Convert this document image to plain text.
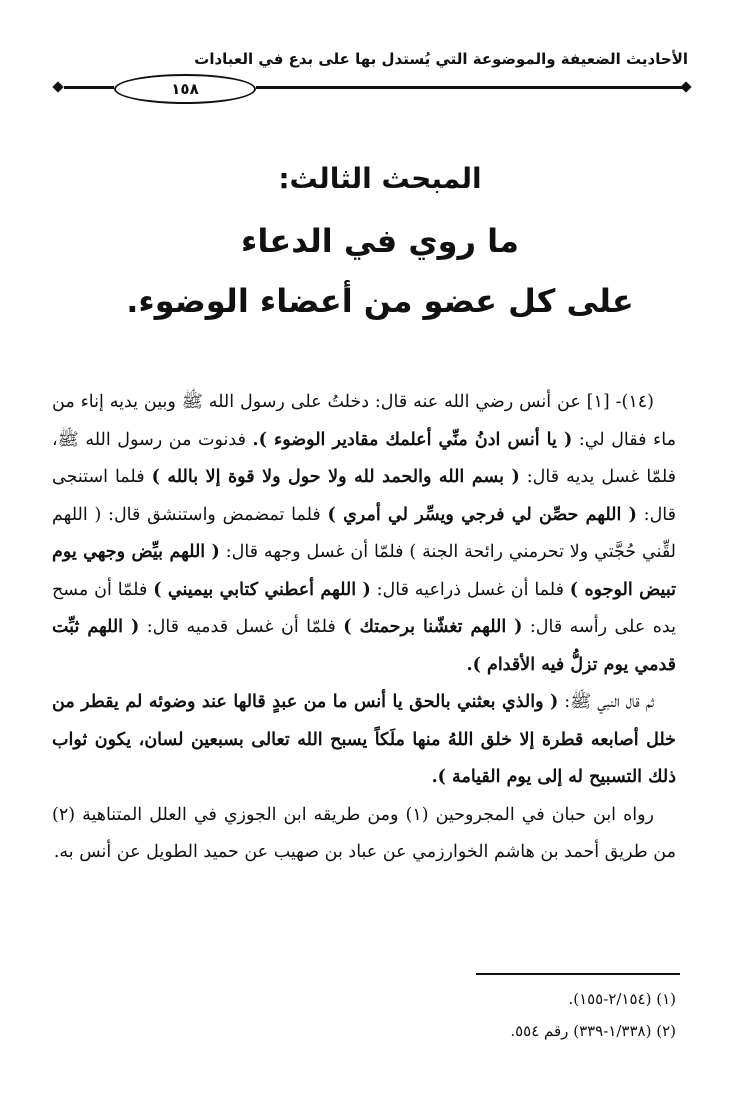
الأحاديث الضعيفة والموضوعة التي يُستدل بها على بدع في العبادات
١٥٨
المبحث الثالث:
ما روي في الدعاء
على كل عضو من أعضاء الوضوء.

(١٤)- [١] عن أنس رضي الله عنه قال: دخلتُ على رسول الله ﷺ وبين يديه إناء من ماء فقال لي: ( يا أنس ادنُ منِّي أعلمك مقادير الوضوء ). فدنوت من رسول الله ﷺ، فلمّا غسل يديه قال: ( بسم الله والحمد لله ولا حول ولا قوة إلا بالله ) فلما استنجى قال: ( اللهم حصِّن لي فرجي ويسِّر لي أمري ) فلما تمضمض واستنشق قال: ( اللهم لقِّني حُجَّتي ولا تحرمني رائحة الجنة ) فلمّا أن غسل وجهه قال: ( اللهم بيِّض وجهي يوم تبيض الوجوه ) فلما أن غسل ذراعيه قال: ( اللهم أعطني كتابي بيميني ) فلمّا أن مسح يده على رأسه قال: ( اللهم تغشّنا برحمتك ) فلمّا أن غسل قدميه قال: ( اللهم ثبِّت قدمي يوم تزلُّ فيه الأقدام ).

ثم قال النبي ﷺ: ( والذي بعثني بالحق يا أنس ما من عبدٍ قالها عند وضوئه لم يقطر من خلل أصابعه قطرة إلا خلق اللهُ منها ملَكاً يسبح الله تعالى بسبعين لسان، يكون ثواب ذلك التسبيح له إلى يوم القيامة ).

رواه ابن حبان في المجروحين (١) ومن طريقه ابن الجوزي في العلل المتناهية (٢) من طريق أحمد بن هاشم الخوارزمي عن عباد بن صهيب عن حميد الطويل عن أنس به.

(١) (٢/١٥٤-١٥٥).
(٢) (١/٣٣٨-٣٣٩) رقم ٥٥٤.
